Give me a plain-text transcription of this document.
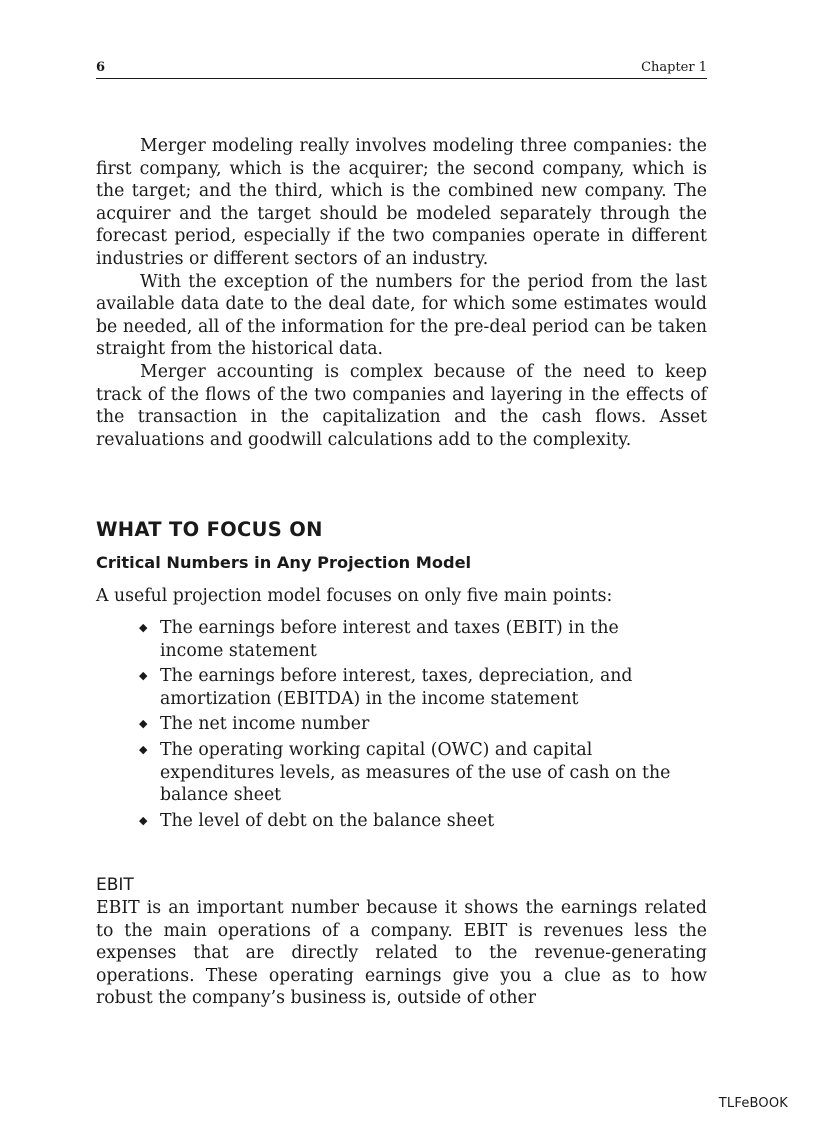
6	Chapter 1

Merger modeling really involves modeling three companies: the first company, which is the acquirer; the second company, which is the target; and the third, which is the combined new company. The acquirer and the target should be modeled separately through the forecast period, especially if the two companies operate in different industries or different sectors of an industry.

With the exception of the numbers for the period from the last available data date to the deal date, for which some estimates would be needed, all of the information for the pre-deal period can be taken straight from the historical data.

Merger accounting is complex because of the need to keep track of the flows of the two companies and layering in the effects of the transaction in the capitalization and the cash flows. Asset revaluations and goodwill calculations add to the complexity.

WHAT TO FOCUS ON
Critical Numbers in Any Projection Model
A useful projection model focuses on only five main points:
◆ The earnings before interest and taxes (EBIT) in the income statement
◆ The earnings before interest, taxes, depreciation, and amortization (EBITDA) in the income statement
◆ The net income number
◆ The operating working capital (OWC) and capital expenditures levels, as measures of the use of cash on the balance sheet
◆ The level of debt on the balance sheet
EBIT

EBIT is an important number because it shows the earnings related to the main operations of a company. EBIT is revenues less the expenses that are directly related to the revenue-generating operations. These operating earnings give you a clue as to how robust the company’s business is, outside of other

TLFeBOOK
